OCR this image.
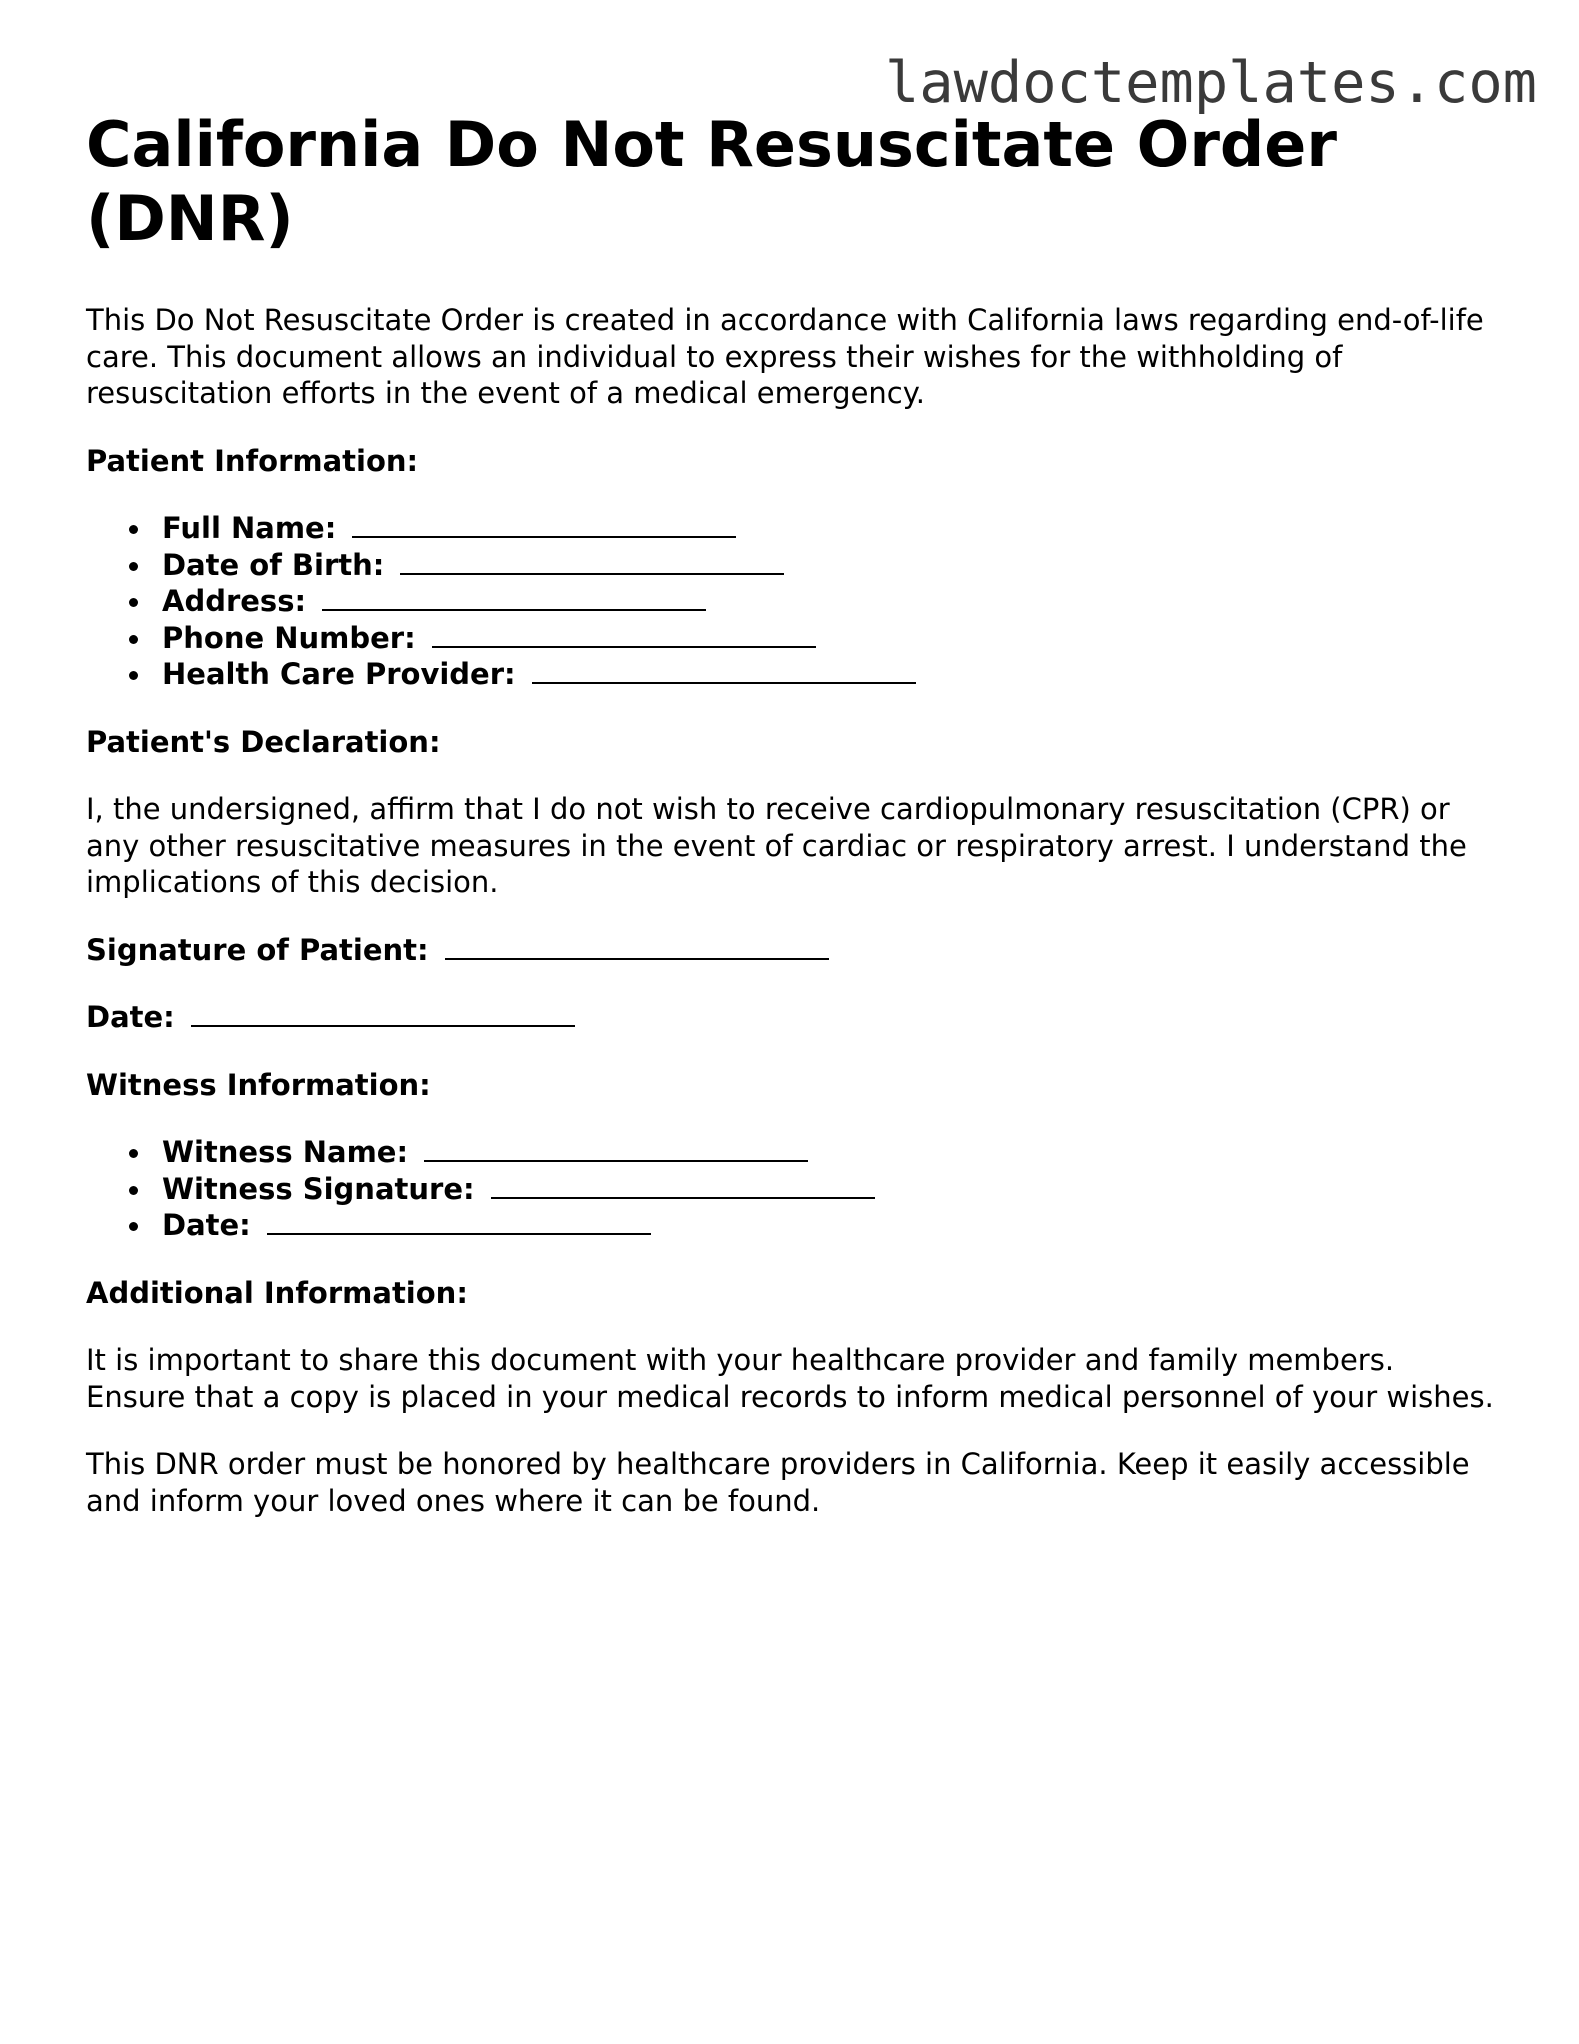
lawdoctemplates.com
California Do Not Resuscitate Order (DNR)

This Do Not Resuscitate Order is created in accordance with California laws regarding end-of-life care. This document allows an individual to express their wishes for the withholding of resuscitation efforts in the event of a medical emergency.

Patient Information:
Full Name:
Date of Birth:
Address:
Phone Number:
Health Care Provider:
Patient's Declaration:

I, the undersigned, affirm that I do not wish to receive cardiopulmonary resuscitation (CPR) or any other resuscitative measures in the event of cardiac or respiratory arrest. I understand the implications of this decision.

Signature of Patient:
Date:
Witness Information:
Witness Name:
Witness Signature:
Date:
Additional Information:

It is important to share this document with your healthcare provider and family members. Ensure that a copy is placed in your medical records to inform medical personnel of your wishes.

This DNR order must be honored by healthcare providers in California. Keep it easily accessible and inform your loved ones where it can be found.
